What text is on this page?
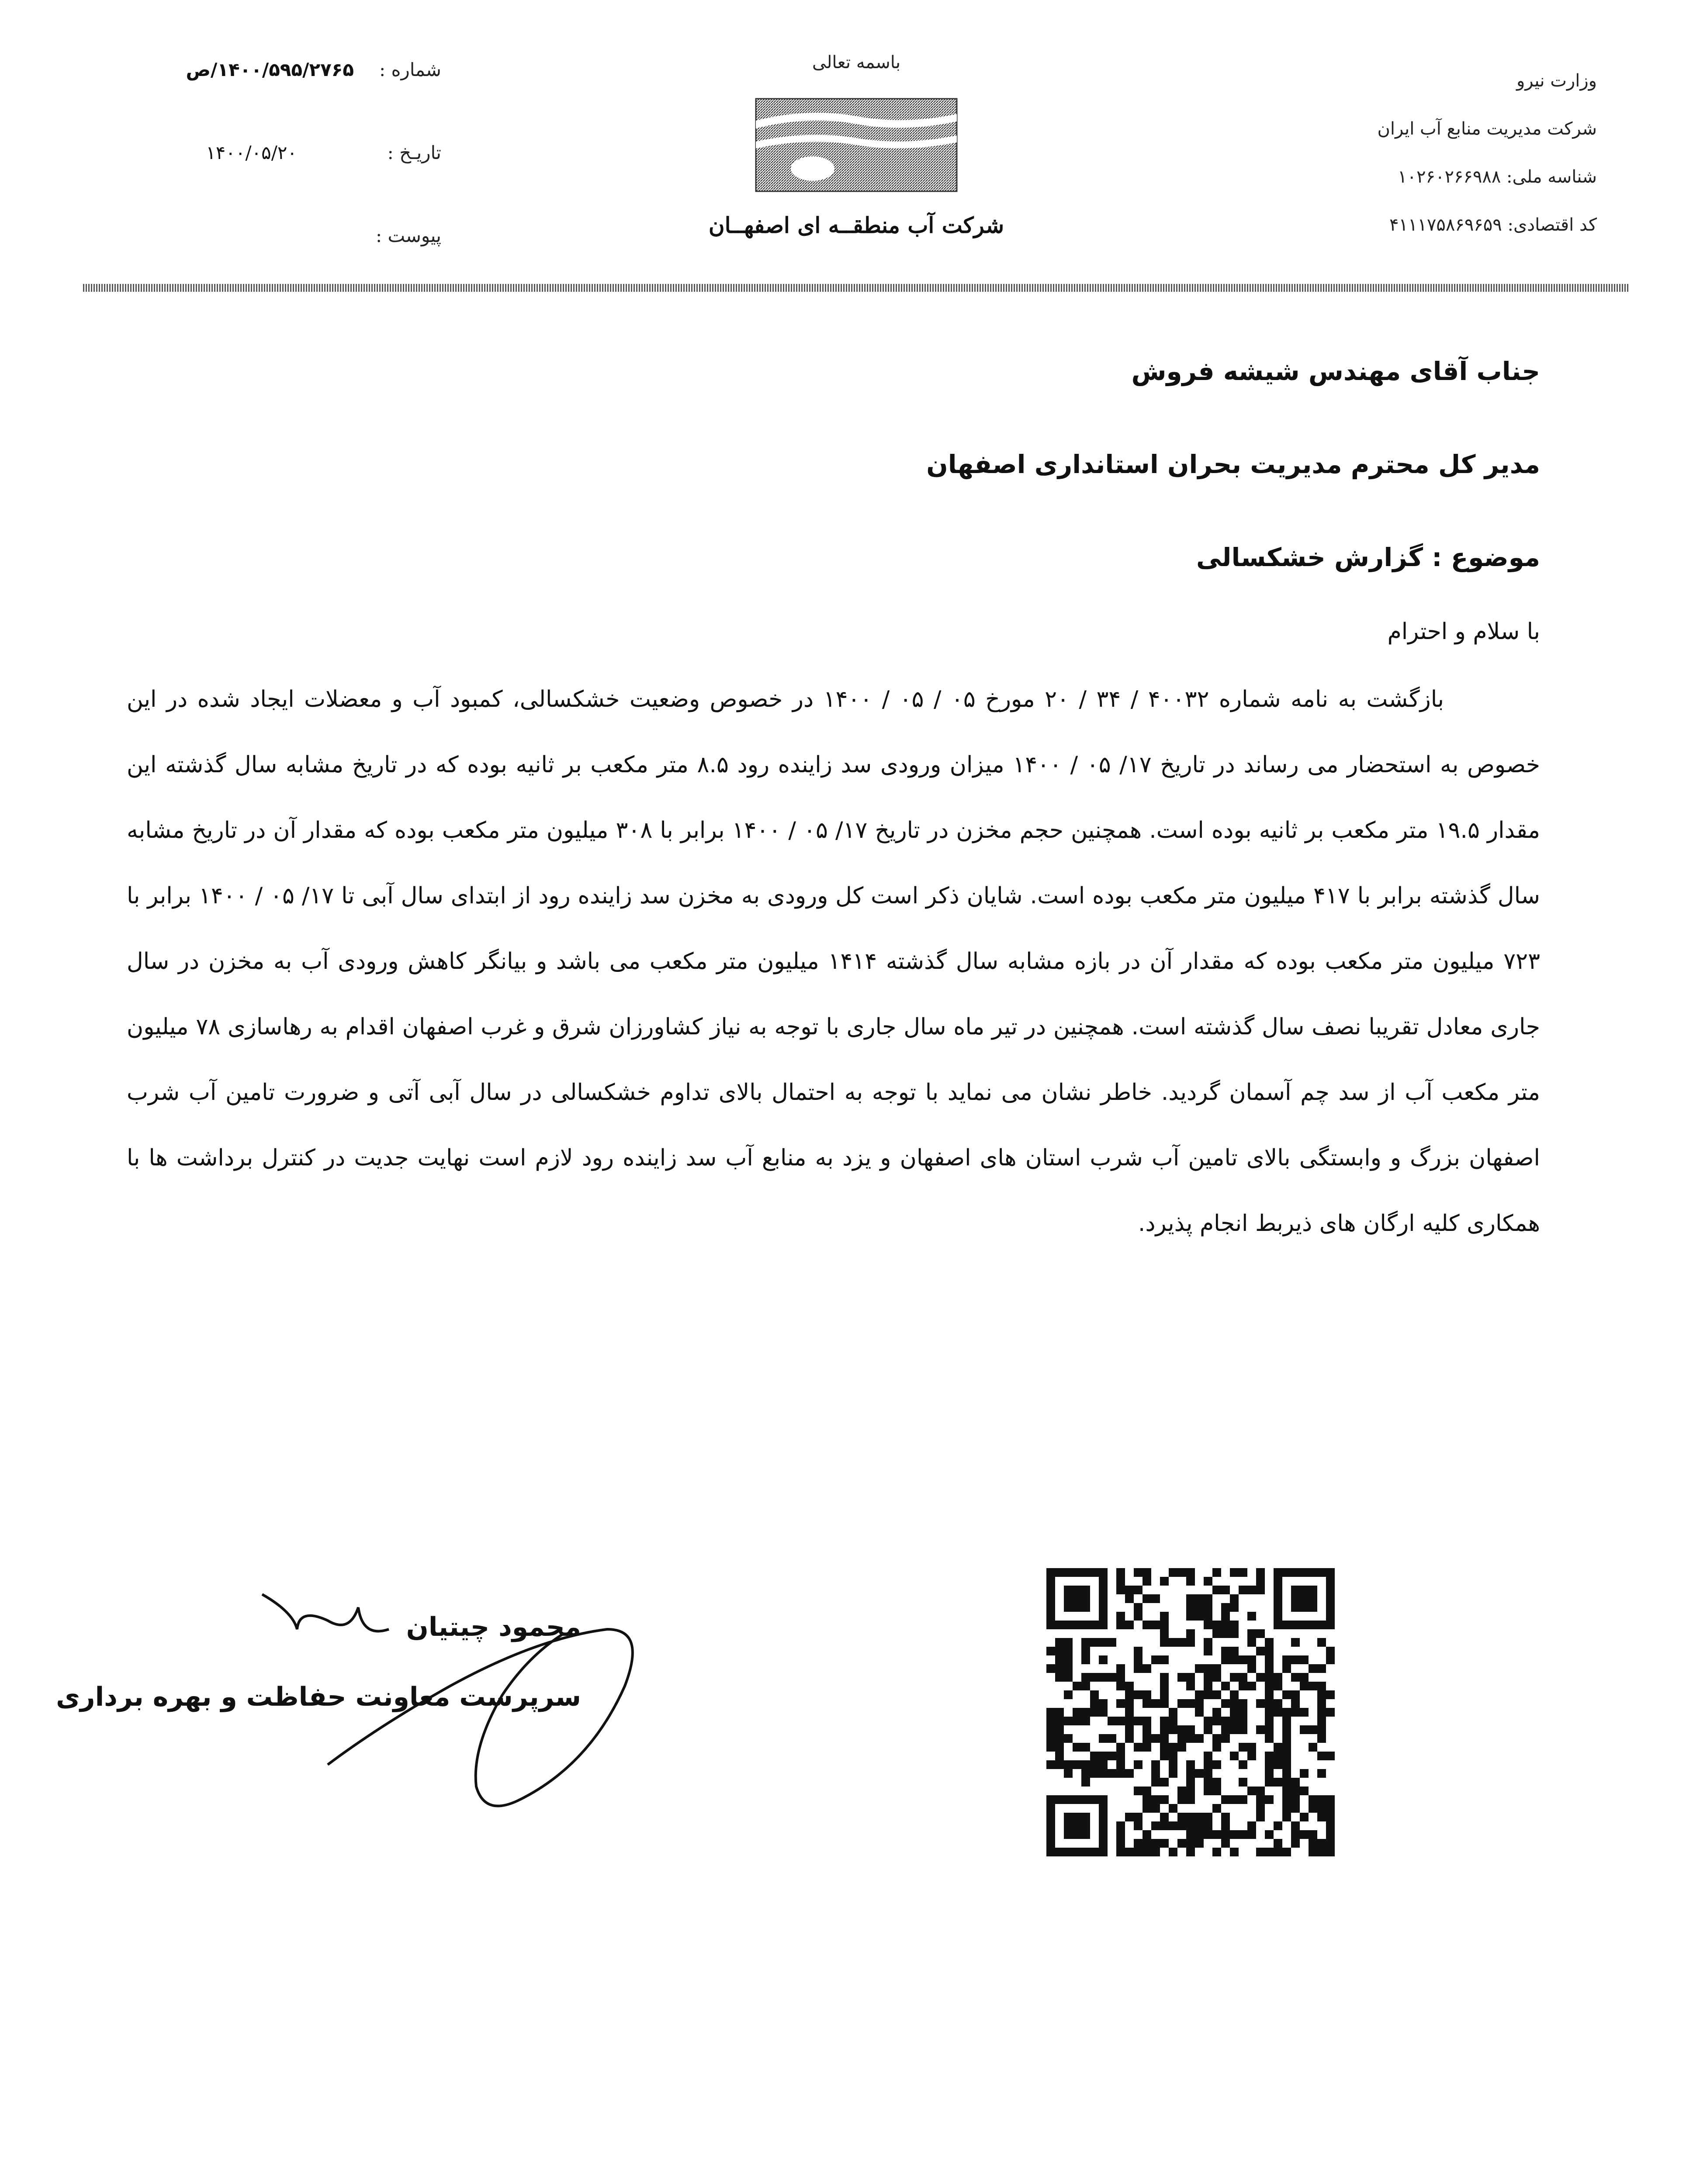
وزارت نیرو
شرکت مدیریت منابع آب ایران
شناسه ملی: ۱۰۲۶۰۲۶۶۹۸۸
کد اقتصادی: ۴۱۱۱۷۵۸۶۹۶۵۹
باسمه تعالی
شرکت آب منطقــه ای اصفهــان
شماره :
۱۴۰۰/۵۹۵/۲۷۶۵/ص
تاریـخ :
۱۴۰۰/۰۵/۲۰
پیوست :
جناب آقای مهندس شیشه فروش
مدیر کل محترم مدیریت بحران استانداری اصفهان
موضوع : گزارش خشکسالی
با سلام و احترام
بازگشت به نامه شماره ۴۰۰۳۲ / ۳۴ / ۲۰ مورخ ۰۵ / ۰۵ / ۱۴۰۰ در خصوص وضعیت خشکسالی، کمبود آب و معضلات ایجاد شده در این خصوص به استحضار می رساند در تاریخ ۱۷/ ۰۵ / ۱۴۰۰ میزان ورودی سد زاینده رود ۸.۵ متر مکعب بر ثانیه بوده که در تاریخ مشابه سال گذشته این مقدار ۱۹.۵ متر مکعب بر ثانیه بوده است. همچنین حجم مخزن در تاریخ ۱۷/ ۰۵ / ۱۴۰۰ برابر با ۳۰۸ میلیون متر مکعب بوده که مقدار آن در تاریخ مشابه سال گذشته برابر با ۴۱۷ میلیون متر مکعب بوده است. شایان ذکر است کل ورودی به مخزن سد زاینده رود از ابتدای سال آبی تا ۱۷/ ۰۵ / ۱۴۰۰ برابر با ۷۲۳ میلیون متر مکعب بوده که مقدار آن در بازه مشابه سال گذشته ۱۴۱۴ میلیون متر مکعب می باشد و بیانگر کاهش ورودی آب به مخزن در سال جاری معادل تقریبا نصف سال گذشته است. همچنین در تیر ماه سال جاری با توجه به نیاز کشاورزان شرق و غرب اصفهان اقدام به رهاسازی ۷۸ میلیون متر مکعب آب از سد چم آسمان گردید. خاطر نشان می نماید با توجه به احتمال بالای تداوم خشکسالی در سال آبی آتی و ضرورت تامین آب شرب اصفهان بزرگ و وابستگی بالای تامین آب شرب استان های اصفهان و یزد به منابع آب سد زاینده رود لازم است نهایت جدیت در کنترل برداشت ها با همکاری کلیه ارگان های ذیربط انجام پذیرد.
محمود چیتیان
سرپرست معاونت حفاظت و بهره برداری
